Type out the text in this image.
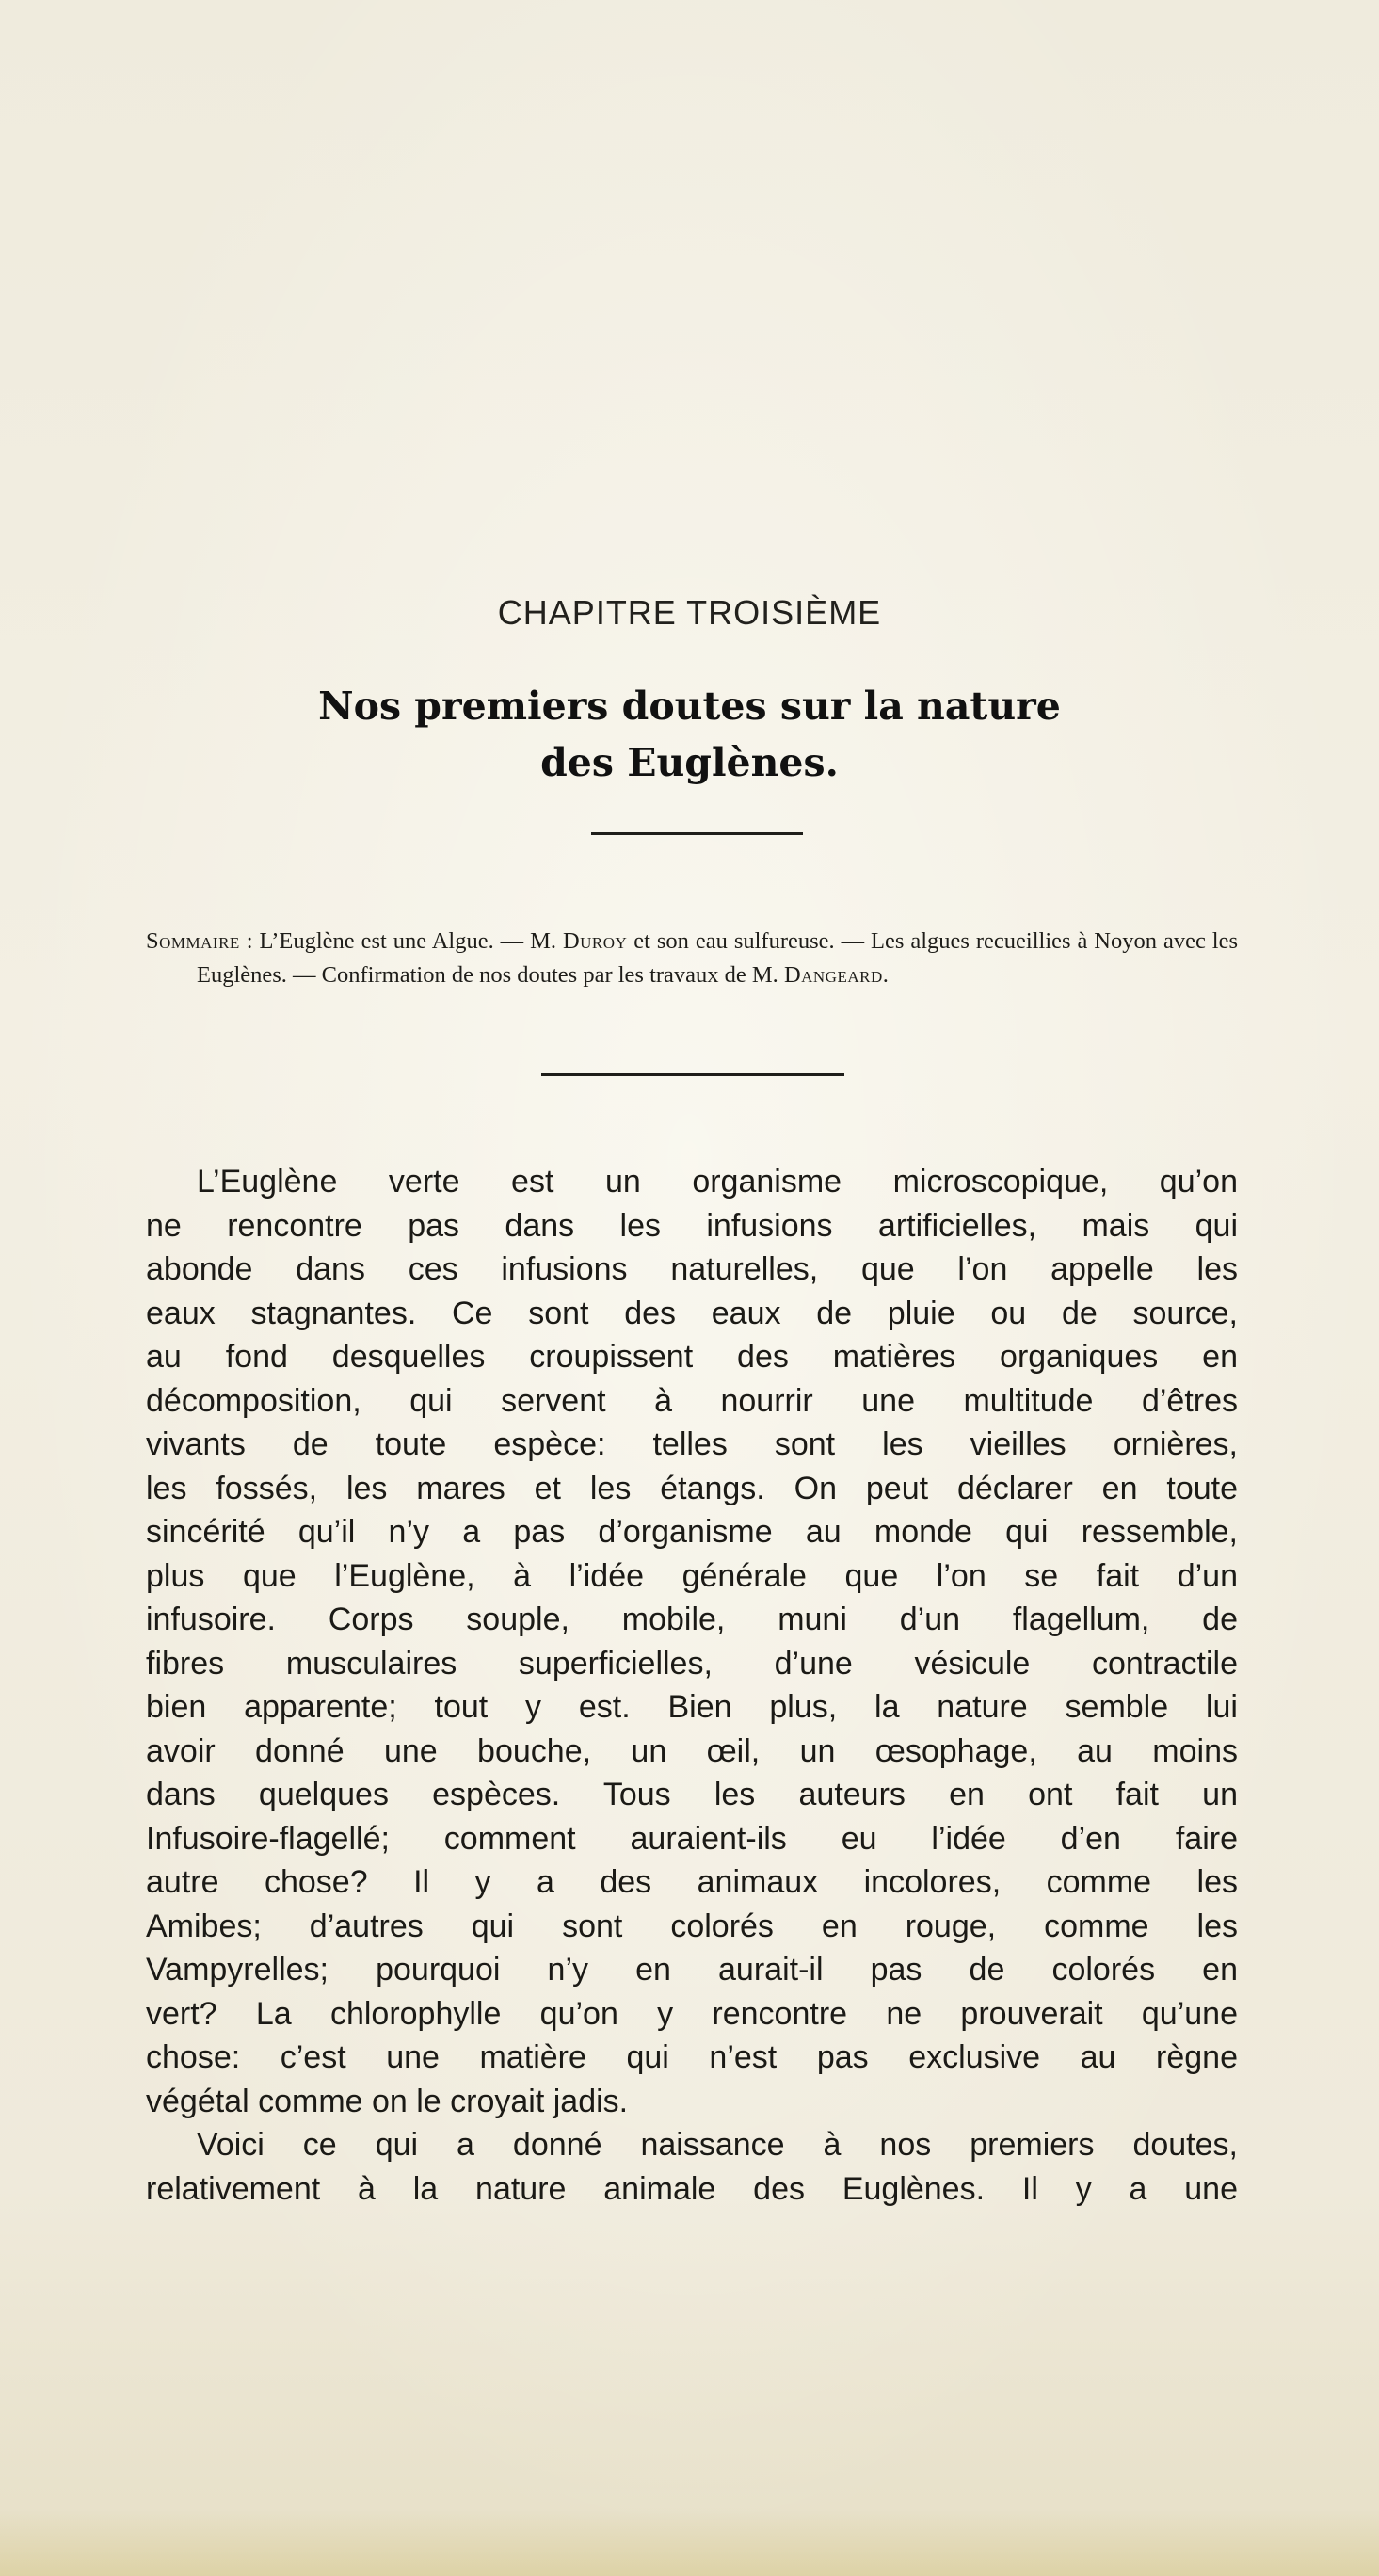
CHAPITRE TROISIÈME
Nos premiers doutes sur la nature
des Euglènes.

Sommaire : L’Euglène est une Algue. — M. Duroy et son eau sulfureuse. — Les algues recueillies à Noyon avec les Euglènes. — Confirmation de nos doutes par les travaux de M. Dangeard.

L’Euglène verte est un organisme microscopique, qu’on
ne rencontre pas dans les infusions artificielles, mais qui
abonde dans ces infusions naturelles, que l’on appelle les
eaux stagnantes. Ce sont des eaux de pluie ou de source,
au fond desquelles croupissent des matières organiques en
décomposition, qui servent à nourrir une multitude d’êtres
vivants de toute espèce: telles sont les vieilles ornières,
les fossés, les mares et les étangs. On peut déclarer en toute
sincérité qu’il n’y a pas d’organisme au monde qui ressemble,
plus que l’Euglène, à l’idée générale que l’on se fait d’un
infusoire. Corps souple, mobile, muni d’un flagellum, de
fibres musculaires superficielles, d’une vésicule contractile
bien apparente; tout y est. Bien plus, la nature semble lui
avoir donné une bouche, un œil, un œsophage, au moins
dans quelques espèces. Tous les auteurs en ont fait un
Infusoire-flagellé; comment auraient-ils eu l’idée d’en faire
autre chose? Il y a des animaux incolores, comme les
Amibes; d’autres qui sont colorés en rouge, comme les
Vampyrelles; pourquoi n’y en aurait-il pas de colorés en
vert? La chlorophylle qu’on y rencontre ne prouverait qu’une
chose: c’est une matière qui n’est pas exclusive au règne
végétal comme on le croyait jadis.
Voici ce qui a donné naissance à nos premiers doutes,
relativement à la nature animale des Euglènes. Il y a une
